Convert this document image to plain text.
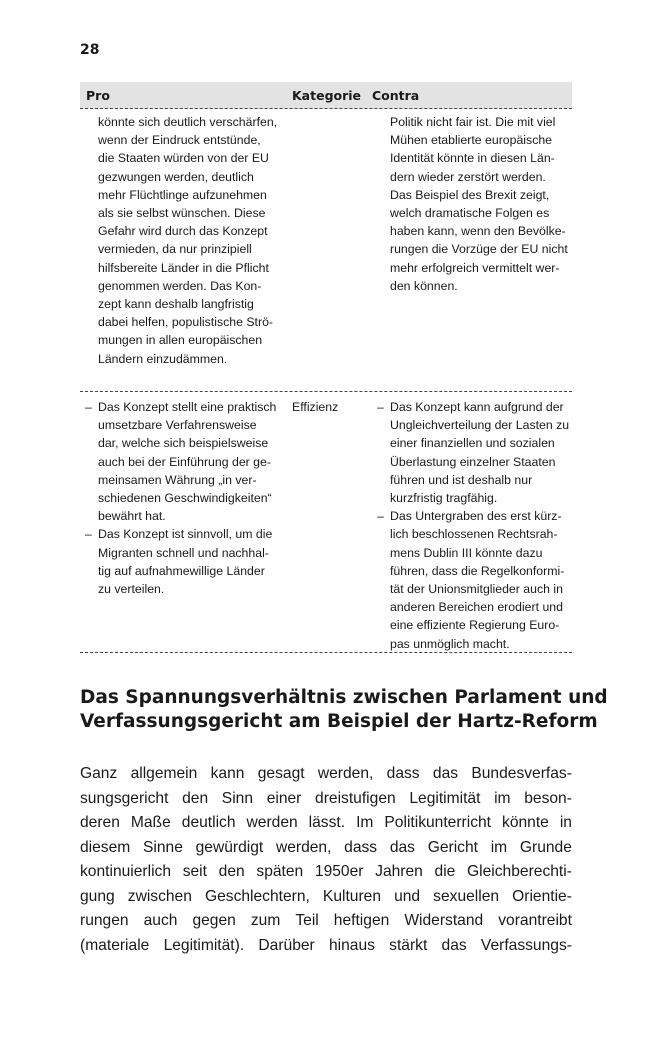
28
Pro	Kategorie Contra

könnte sich deutlich verschärfen,

wenn der Eindruck entstünde,

die Staaten würden von der EU

gezwungen werden, deutlich

mehr Flüchtlinge aufzunehmen

als sie selbst wünschen. Diese

Gefahr wird durch das Konzept

vermieden, da nur prinzipiell

hilfsbereite Länder in die Pflicht

genommen werden. Das Kon-

zept kann deshalb langfristig

dabei helfen, populistische Strö-

mungen in allen europäischen

Ländern einzudämmen.

Politik nicht fair ist. Die mit viel

Mühen etablierte europäische

Identität könnte in diesen Län-

dern wieder zerstört werden.

Das Beispiel des Brexit zeigt,

welch dramatische Folgen es

haben kann, wenn den Bevölke-

rungen die Vorzüge der EU nicht

mehr erfolgreich vermittelt wer-

den können.

– Das Konzept stellt eine praktisch

umsetzbare Verfahrensweise

dar, welche sich beispielsweise

auch bei der Einführung der ge-

meinsamen Währung „in ver-

schiedenen Geschwindigkeiten“

bewährt hat.

– Das Konzept ist sinnvoll, um die

Migranten schnell und nachhal-

tig auf aufnahmewillige Länder

zu verteilen.

Effizienz	– Das Konzept kann aufgrund der

Ungleichverteilung der Lasten zu

einer finanziellen und sozialen

Überlastung einzelner Staaten

führen und ist deshalb nur

kurzfristig tragfähig.

– Das Untergraben des erst kürz-

lich beschlossenen Rechtsrah-

mens Dublin III könnte dazu

führen, dass die Regelkonformi-

tät der Unionsmitglieder auch in

anderen Bereichen erodiert und

eine effiziente Regierung Euro-

pas unmöglich macht.

Das Spannungsverhältnis zwischen Parlament und

Verfassungsgericht am Beispiel der Hartz-Reform

Ganz allgemein kann gesagt werden, dass das Bundesverfas-

sungsgericht den Sinn einer dreistufigen Legitimität im beson-

deren Maße deutlich werden lässt. Im Politikunterricht könnte in

diesem Sinne gewürdigt werden, dass das Gericht im Grunde

kontinuierlich seit den späten 1950er Jahren die Gleichberechti-

gung zwischen Geschlechtern, Kulturen und sexuellen Orientie-

rungen auch gegen zum Teil heftigen Widerstand vorantreibt

(materiale Legitimität). Darüber hinaus stärkt das Verfassungs-
